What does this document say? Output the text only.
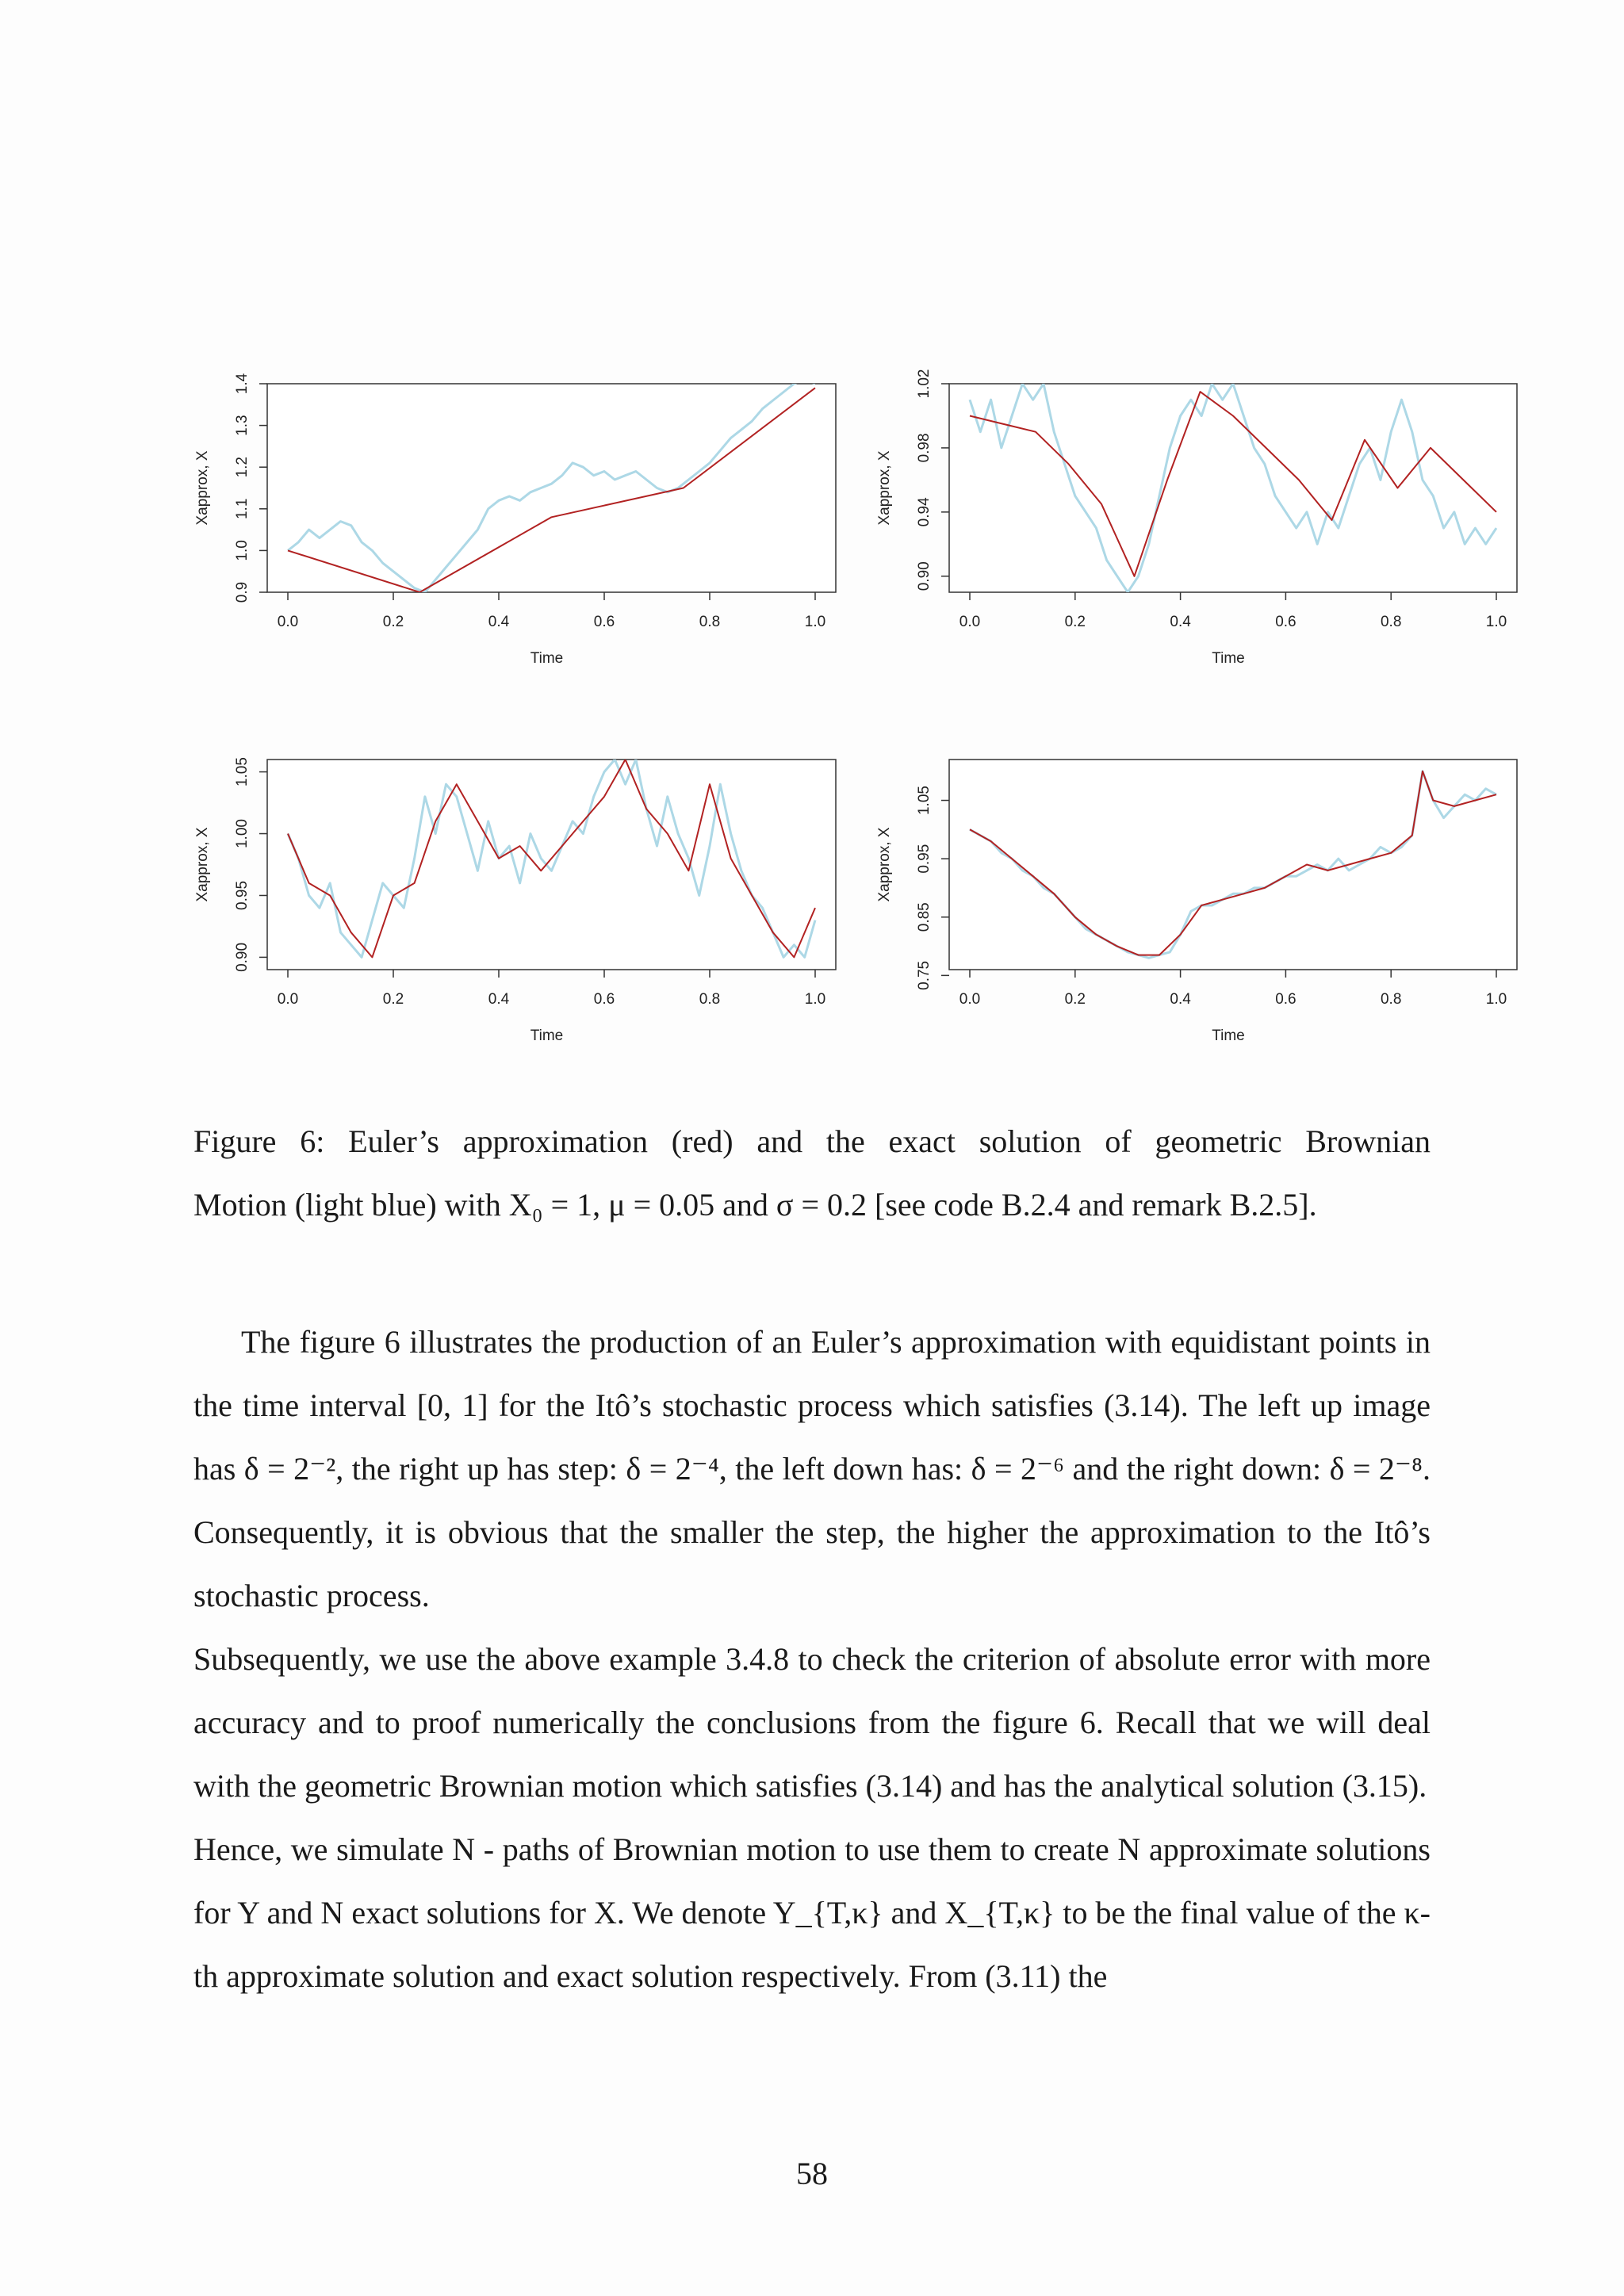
0.0	0.2	0.4	0.6	0.8	1.0
Time
0.9
1.0
1.1
1.2
1.3
1.4
Xapprox, X
0.0	0.2	0.4	0.6	0.8	1.0
Time
0.90
0.94
0.98
1.02
Xapprox, X
0.0	0.2	0.4	0.6	0.8	1.0
Time
0.90
0.95
1.00
1.05
Xapprox, X
0.0	0.2	0.4	0.6	0.8	1.0
Time
0.75
0.85
0.95
1.05
Xapprox, X

Figure 6: Euler’s approximation (red) and the exact solution of geometric Brownian

Motion (light blue) with X₀ = 1, μ = 0.05 and σ = 0.2 [see code B.2.4 and remark B.2.5].

The figure 6 illustrates the production of an Euler’s approximation with equidistant points in the time interval [0, 1] for the Itô’s stochastic process which satisfies (3.14). The left up image has δ = 2⁻², the right up has step: δ = 2⁻⁴, the left down has: δ = 2⁻⁶ and the right down: δ = 2⁻⁸. Consequently, it is obvious that the smaller the step, the higher the approximation to the Itô’s stochastic process.

Subsequently, we use the above example 3.4.8 to check the criterion of absolute error with more accuracy and to proof numerically the conclusions from the figure 6. Recall that we will deal with the geometric Brownian motion which satisfies (3.14) and has the analytical solution (3.15).

Hence, we simulate N - paths of Brownian motion to use them to create N approximate solutions for Y and N exact solutions for X. We denote Y_{T,κ} and X_{T,κ} to be the final value of the κ-th approximate solution and exact solution respectively. From (3.11) the

58
